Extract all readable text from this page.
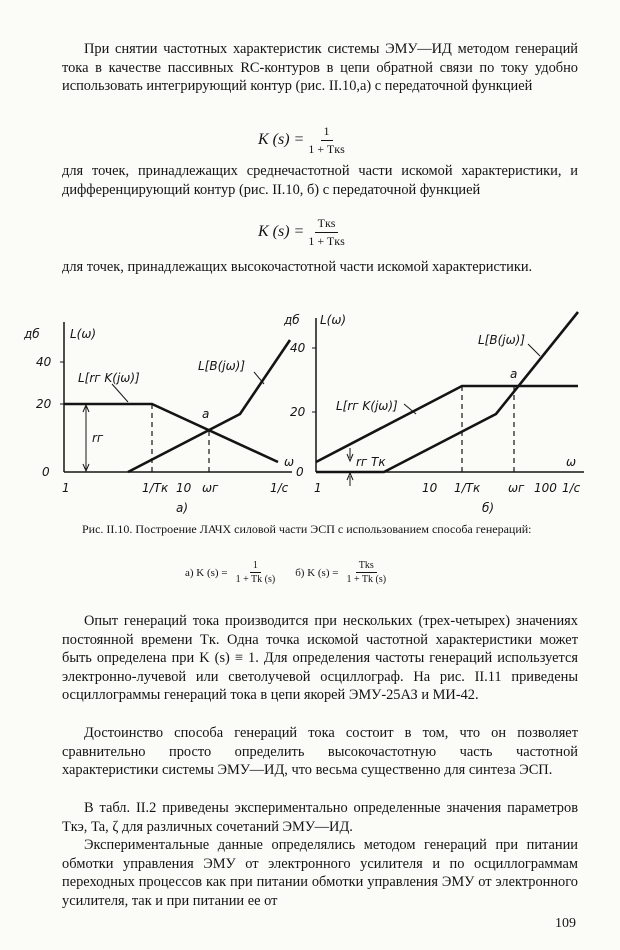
При снятии частотных характеристик системы ЭМУ—ИД методом генераций тока в качестве пассивных RC-контуров в цепи обратной связи по току удобно использовать интегрирующий контур (рис. II.10,а) с передаточной функцией

K $(s) = \frac{1}{\text{1 + Tкs}}$

для точек, принадлежащих среднечастотной части искомой характеристики, и дифференцирующий контур (рис. II.10, б) с передаточной функцией

K $(s) = \frac{\text{Tкs}}{\text{1 + Tкs}}$

для точек, принадлежащих высокочастотной части искомой характеристики.

дб	L(ω)
40
20
0
1	1/Tк 10 ωг	1/c
ω
rг
a
L[rг K(jω)]
L[B(jω)]
а)
дб L(ω)
40
20
0
1	10 1/Tк ωг 100 1/c
ω
rг Tк
a
L[rг K(jω)]
L[B(jω)]
б)

Рис. II.10. Построение ЛАЧХ силовой части ЭСП с использованием способа генераций:

а) K $(s) = \frac{1}{1 + Tk (s)} б$) K $(s) = \frac{\text{Tks}}{1 + Tk (s)}$

Опыт генераций тока производится при нескольких (трех-четырех) значениях постоянной времени Tк. Одна точка искомой частотной характеристики может быть определена при K (s) ≡ 1. Для определения частоты генераций используется электронно-лучевой или светолучевой осциллограф. На рис. II.11 приведены осциллограммы генераций тока в цепи якорей ЭМУ-25АЗ и МИ-42.

Достоинство способа генераций тока состоит в том, что он позволяет сравнительно просто определить высокочастотную часть частотной характеристики системы ЭМУ—ИД, что весьма существенно для синтеза ЭСП.

В табл. II.2 приведены экспериментально определенные значения параметров Tкэ, Ta, ζ для различных сочетаний ЭМУ—ИД.

Экспериментальные данные определялись методом генераций при питании обмотки управления ЭМУ от электронного усилителя и по осциллограммам переходных процессов как при питании обмотки управления ЭМУ от электронного усилителя, так и при питании ее от

109
